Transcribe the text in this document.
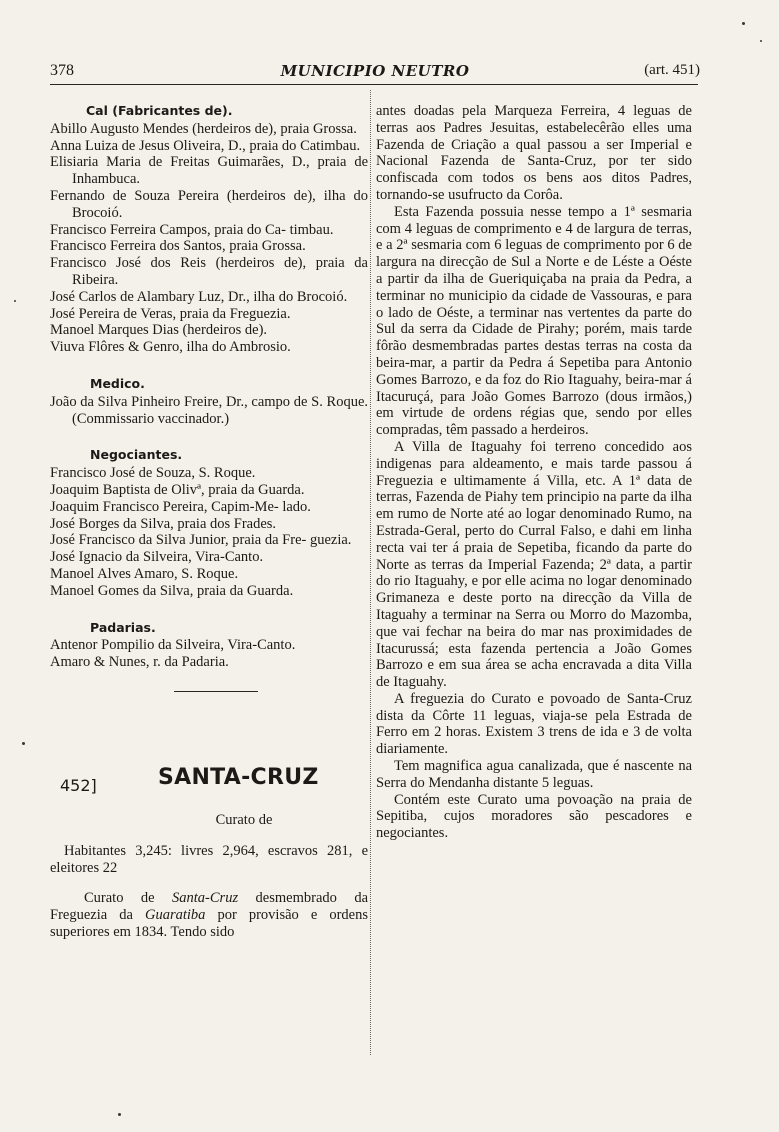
378	MUNICIPIO NEUTRO	(art. 451)
Cal (Fabricantes de).
Abillo Augusto Mendes (herdeiros de), praia Grossa.
Anna Luiza de Jesus Oliveira, D., praia do Catimbau.
Elisiaria Maria de Freitas Guimarães, D., praia de Inhambuca.
Fernando de Souza Pereira (herdeiros de), ilha do Brocoió.
Francisco Ferreira Campos, praia do Ca- timbau.
Francisco Ferreira dos Santos, praia Grossa.
Francisco José dos Reis (herdeiros de), praia da Ribeira.
José Carlos de Alambary Luz, Dr., ilha do Brocoió.
José Pereira de Veras, praia da Freguezia.
Manoel Marques Dias (herdeiros de).
Viuva Flôres & Genro, ilha do Ambrosio.
Medico.
João da Silva Pinheiro Freire, Dr., campo de S. Roque. (Commissario vaccinador.)
Negociantes.
Francisco José de Souza, S. Roque.
Joaquim Baptista de Olivª, praia da Guarda.
Joaquim Francisco Pereira, Capim-Me- lado.
José Borges da Silva, praia dos Frades.
José Francisco da Silva Junior, praia da Fre- guezia.
José Ignacio da Silveira, Vira-Canto.
Manoel Alves Amaro, S. Roque.
Manoel Gomes da Silva, praia da Guarda.
Padarias.
Antenor Pompilio da Silveira, Vira-Canto.
Amaro & Nunes, r. da Padaria.
452]	SANTA-CRUZ
Curato de
Habitantes 3,245: livres 2,964, escravos 281, e eleitores 22
Curato de Santa-Cruz desmembrado da Freguezia da Guaratiba por provisão e ordens superiores em 1834. Tendo sido
antes doadas pela Marqueza Ferreira, 4 leguas de terras aos Padres Jesuitas, estabelecêrão elles uma Fazenda de Criação a qual passou a ser Imperial e Nacional Fazenda de Santa-Cruz, por ter sido confiscada com todos os bens aos ditos Padres, tornando-se usufructo da Corôa.
Esta Fazenda possuia nesse tempo a 1ª sesmaria com 4 leguas de comprimento e 4 de largura de terras, e a 2ª sesmaria com 6 leguas de comprimento por 6 de largura na direcção de Sul a Norte e de Léste a Oéste a partir da ilha de Gueriquiçaba na praia da Pedra, a terminar no municipio da cidade de Vassouras, e para o lado de Oéste, a terminar nas vertentes da parte do Sul da serra da Cidade de Pirahy; porém, mais tarde fôrão desmembradas partes destas terras na costa da beira-mar, a partir da Pedra á Sepetiba para Antonio Gomes Barrozo, e da foz do Rio Itaguahy, beira-mar á Itacuruçá, para João Gomes Barrozo (dous irmãos,) em virtude de ordens régias que, sendo por elles compradas, têm passado a herdeiros.
A Villa de Itaguahy foi terreno concedido aos indigenas para aldeamento, e mais tarde passou á Freguezia e ultimamente á Villa, etc. A 1ª data de terras, Fazenda de Piahy tem principio na parte da ilha em rumo de Norte até ao logar denominado Rumo, na Estrada-Geral, perto do Curral Falso, e dahi em linha recta vai ter á praia de Sepetiba, ficando da parte do Norte as terras da Imperial Fazenda; 2ª data, a partir do rio Itaguahy, e por elle acima no logar denominado Grimaneza e deste porto na direcção da Villa de Itaguahy a terminar na Serra ou Morro do Mazomba, que vai fechar na beira do mar nas proximidades de Itacurussá; esta fazenda pertencia a João Gomes Barrozo e em sua área se acha encravada a dita Villa de Itaguahy.
A freguezia do Curato e povoado de Santa-Cruz dista da Côrte 11 leguas, viaja-se pela Estrada de Ferro em 2 horas. Existem 3 trens de ida e 3 de volta diariamente.
Tem magnifica agua canalizada, que é nascente na Serra do Mendanha distante 5 leguas.
Contém este Curato uma povoação na praia de Sepitiba, cujos moradores são pescadores e negociantes.
